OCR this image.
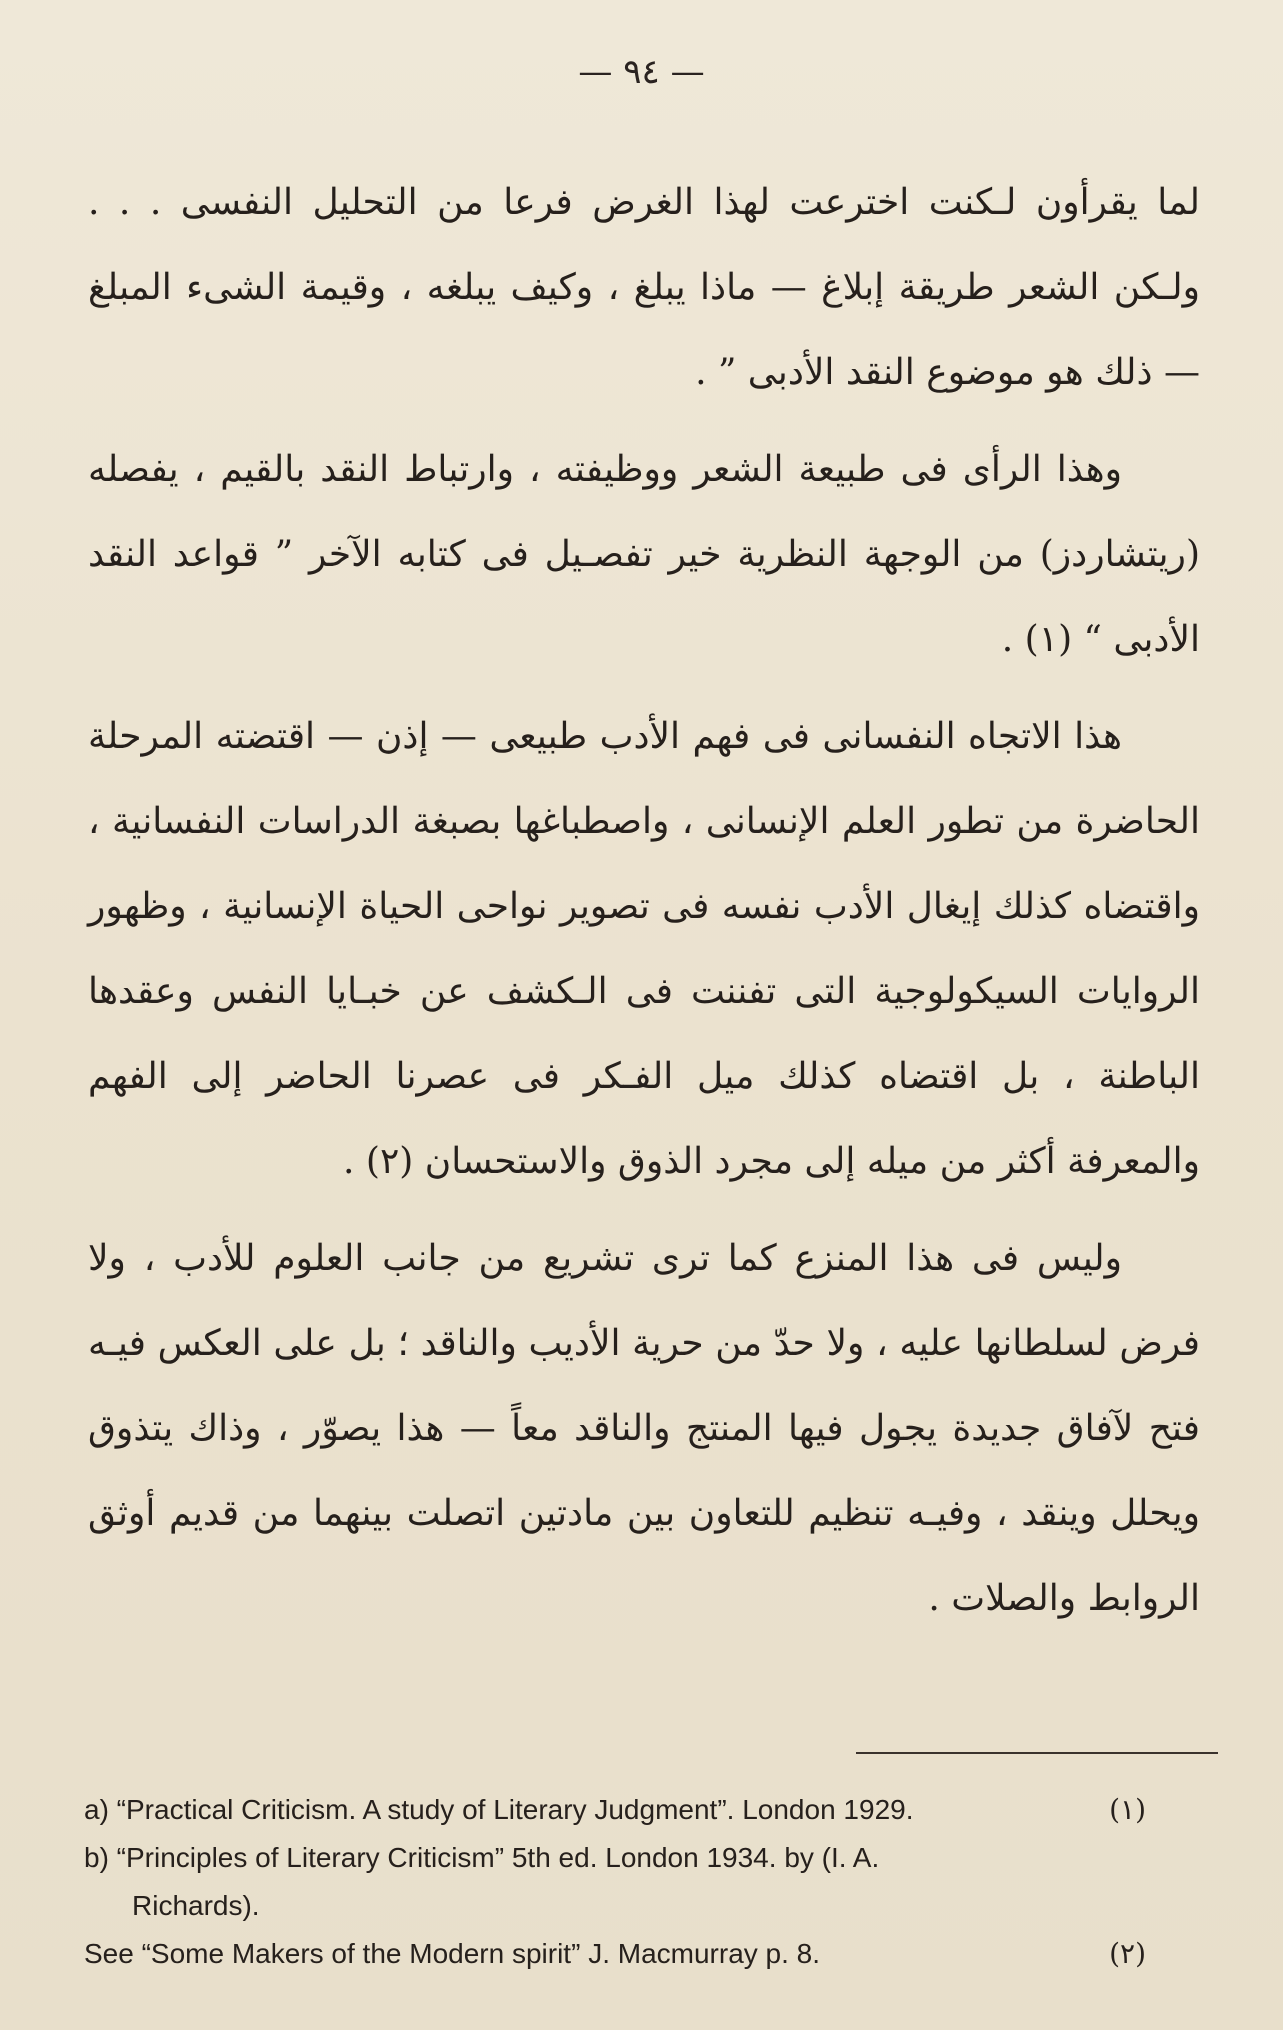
— ٩٤ —

لما يقرأون لـكنت اخترعت لهذا الغرض فرعا من التحليل النفسى . . . ولـكن الشعر طريقة إبلاغ — ماذا يبلغ ، وكيف يبلغه ، وقيمة الشىء المبلغ — ذلك هو موضوع النقد الأدبى ” .

وهذا الرأى فى طبيعة الشعر ووظيفته ، وارتباط النقد بالقيم ، يفصله (ريتشاردز) من الوجهة النظرية خير تفصـيل فى كتابه الآخر ” قواعد النقد الأدبى “ (١) .

هذا الاتجاه النفسانى فى فهم الأدب طبيعى — إذن — اقتضته المرحلة الحاضرة من تطور العلم الإنسانى ، واصطباغها بصبغة الدراسات النفسانية ، واقتضاه كذلك إيغال الأدب نفسه فى تصوير نواحى الحياة الإنسانية ، وظهور الروايات السيكولوجية التى تفننت فى الـكشف عن خبـايا النفس وعقدها الباطنة ، بل اقتضاه كذلك ميل الفـكر فى عصرنا الحاضر إلى الفهم والمعرفة أكثر من ميله إلى مجرد الذوق والاستحسان (٢) .

وليس فى هذا المنزع كما ترى تشريع من جانب العلوم للأدب ، ولا فرض لسلطانها عليه ، ولا حدّ من حرية الأديب والناقد ؛ بل على العكس فيـه فتح لآفاق جديدة يجول فيها المنتج والناقد معاً — هذا يصوّر ، وذاك يتذوق ويحلل وينقد ، وفيـه تنظيم للتعاون بين مادتين اتصلت بينهما من قديم أوثق الروابط والصلات .

a) “Practical Criticism. A study of Literary Judgment”. London 1929.	(١)
b) “Principles of Literary Criticism” 5th ed. London 1934. by (I. A.
Richards).
See “Some Makers of the Modern spirit” J. Macmurray p. 8.	(٢)
